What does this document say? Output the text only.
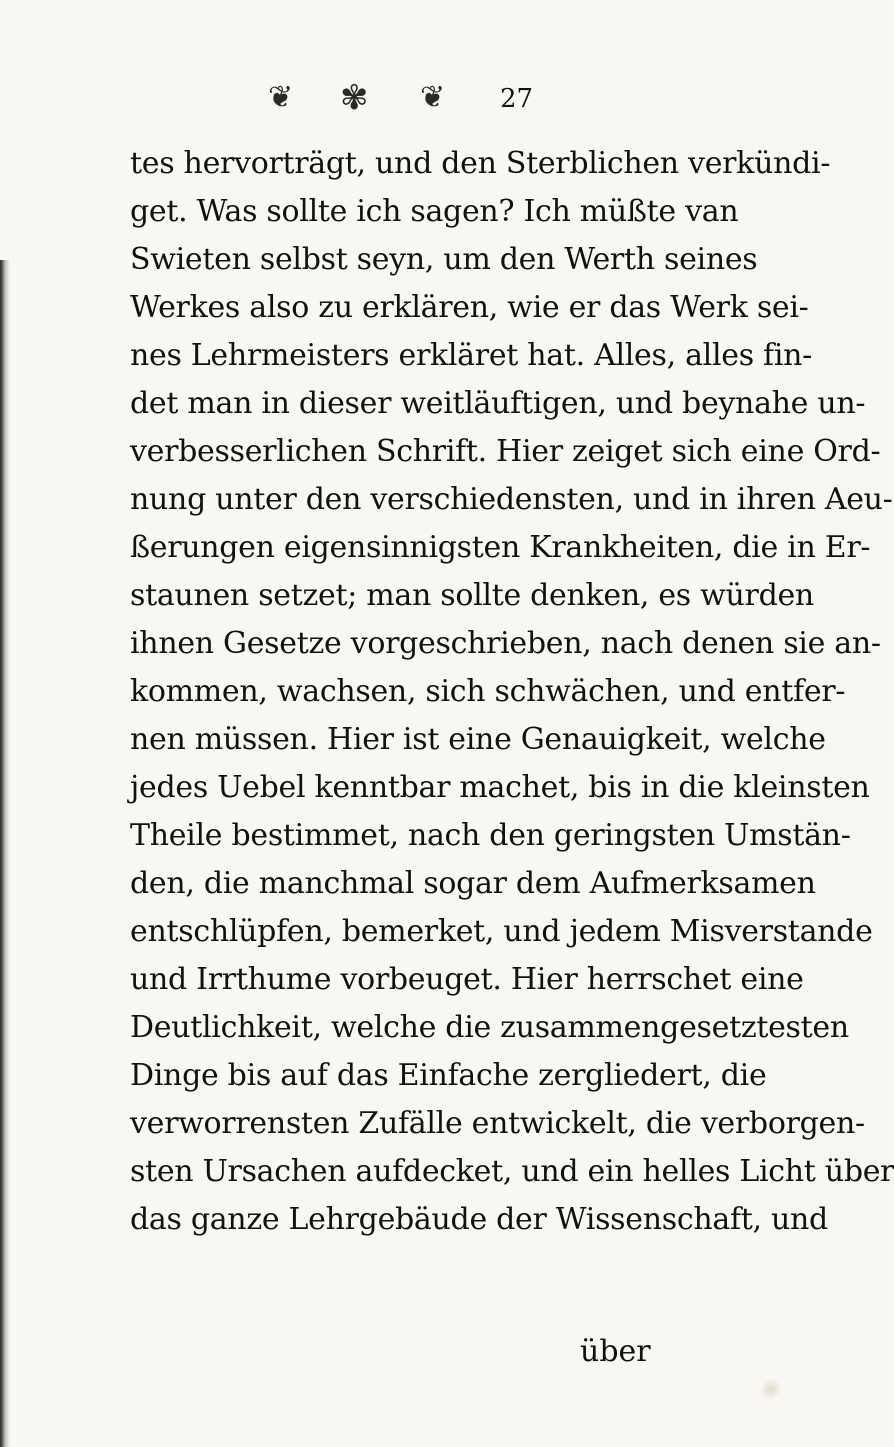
❦ ✾ ❦ 27
tes hervorträgt, und den Sterblichen verkündi-
get. Was sollte ich sagen? Ich müßte van
Swieten selbst seyn, um den Werth seines
Werkes also zu erklären, wie er das Werk sei-
nes Lehrmeisters erkläret hat. Alles, alles fin-
det man in dieser weitläuftigen, und beynahe un-
verbesserlichen Schrift. Hier zeiget sich eine Ord-
nung unter den verschiedensten, und in ihren Aeu-
ßerungen eigensinnigsten Krankheiten, die in Er-
staunen setzet; man sollte denken, es würden
ihnen Gesetze vorgeschrieben, nach denen sie an-
kommen, wachsen, sich schwächen, und entfer-
nen müssen. Hier ist eine Genauigkeit, welche
jedes Uebel kenntbar machet, bis in die kleinsten
Theile bestimmet, nach den geringsten Umstän-
den, die manchmal sogar dem Aufmerksamen
entschlüpfen, bemerket, und jedem Misverstande
und Irrthume vorbeuget. Hier herrschet eine
Deutlichkeit, welche die zusammengesetztesten
Dinge bis auf das Einfache zergliedert, die
verworrensten Zufälle entwickelt, die verborgen-
sten Ursachen aufdecket, und ein helles Licht über
das ganze Lehrgebäude der Wissenschaft, und
über
